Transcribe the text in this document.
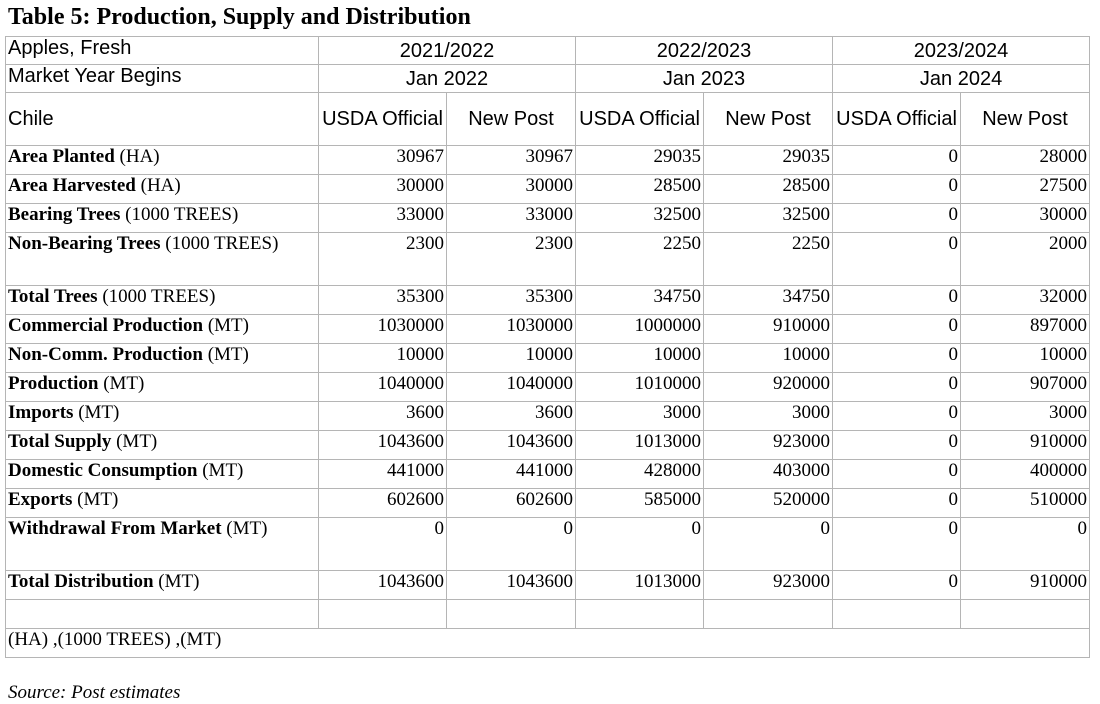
Table 5: Production, Supply and Distribution
Apples, Fresh	2021/2022		2022/2023		2023/2024	
Market Year Begins	Jan 2022		Jan 2023		Jan 2024	
Chile	USDA Official	New Post	USDA Official	New Post	USDA Official	New Post
Area Planted (HA)	30967	30967	29035	29035	0	28000
Area Harvested (HA)	30000	30000	28500	28500	0	27500
Bearing Trees (1000 TREES)	33000	33000	32500	32500	0	30000
Non-Bearing Trees (1000 TREES)	2300	2300	2250	2250	0	2000
Total Trees (1000 TREES)	35300	35300	34750	34750	0	32000
Commercial Production (MT)	1030000	1030000	1000000	910000	0	897000
Non-Comm. Production (MT)	10000	10000	10000	10000	0	10000
Production (MT)	1040000	1040000	1010000	920000	0	907000
Imports (MT)	3600	3600	3000	3000	0	3000
Total Supply (MT)	1043600	1043600	1013000	923000	0	910000
Domestic Consumption (MT)	441000	441000	428000	403000	0	400000
Exports (MT)	602600	602600	585000	520000	0	510000
Withdrawal From Market (MT)	0	0	0	0	0	0
Total Distribution (MT)	1043600	1043600	1013000	923000	0	910000

(HA) ,(1000 TREES) ,(MT)						
Source: Post estimates
